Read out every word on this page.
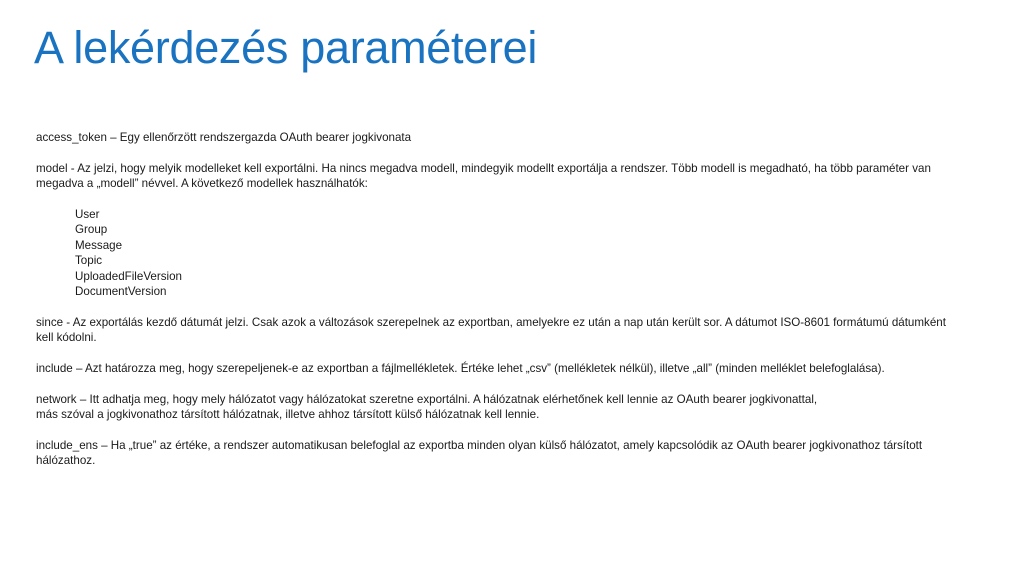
A lekérdezés paraméterei

access_token – Egy ellenőrzött rendszergazda OAuth bearer jogkivonata

model - Az jelzi, hogy melyik modelleket kell exportálni. Ha nincs megadva modell, mindegyik modellt exportálja a rendszer. Több modell is megadható, ha több paraméter van megadva a „modell” névvel. A következő modellek használhatók:

User
Group
Message
Topic
UploadedFileVersion
DocumentVersion

since - Az exportálás kezdő dátumát jelzi. Csak azok a változások szerepelnek az exportban, amelyekre ez után a nap után került sor. A dátumot ISO-8601 formátumú dátumként kell kódolni.

include – Azt határozza meg, hogy szerepeljenek-e az exportban a fájlmellékletek. Értéke lehet „csv” (mellékletek nélkül), illetve „all” (minden melléklet belefoglalása).

network – Itt adhatja meg, hogy mely hálózatot vagy hálózatokat szeretne exportálni. A hálózatnak elérhetőnek kell lennie az OAuth bearer jogkivonattal,
más szóval a jogkivonathoz társított hálózatnak, illetve ahhoz társított külső hálózatnak kell lennie.

include_ens – Ha „true” az értéke, a rendszer automatikusan belefoglal az exportba minden olyan külső hálózatot, amely kapcsolódik az OAuth bearer jogkivonathoz társított hálózathoz.
